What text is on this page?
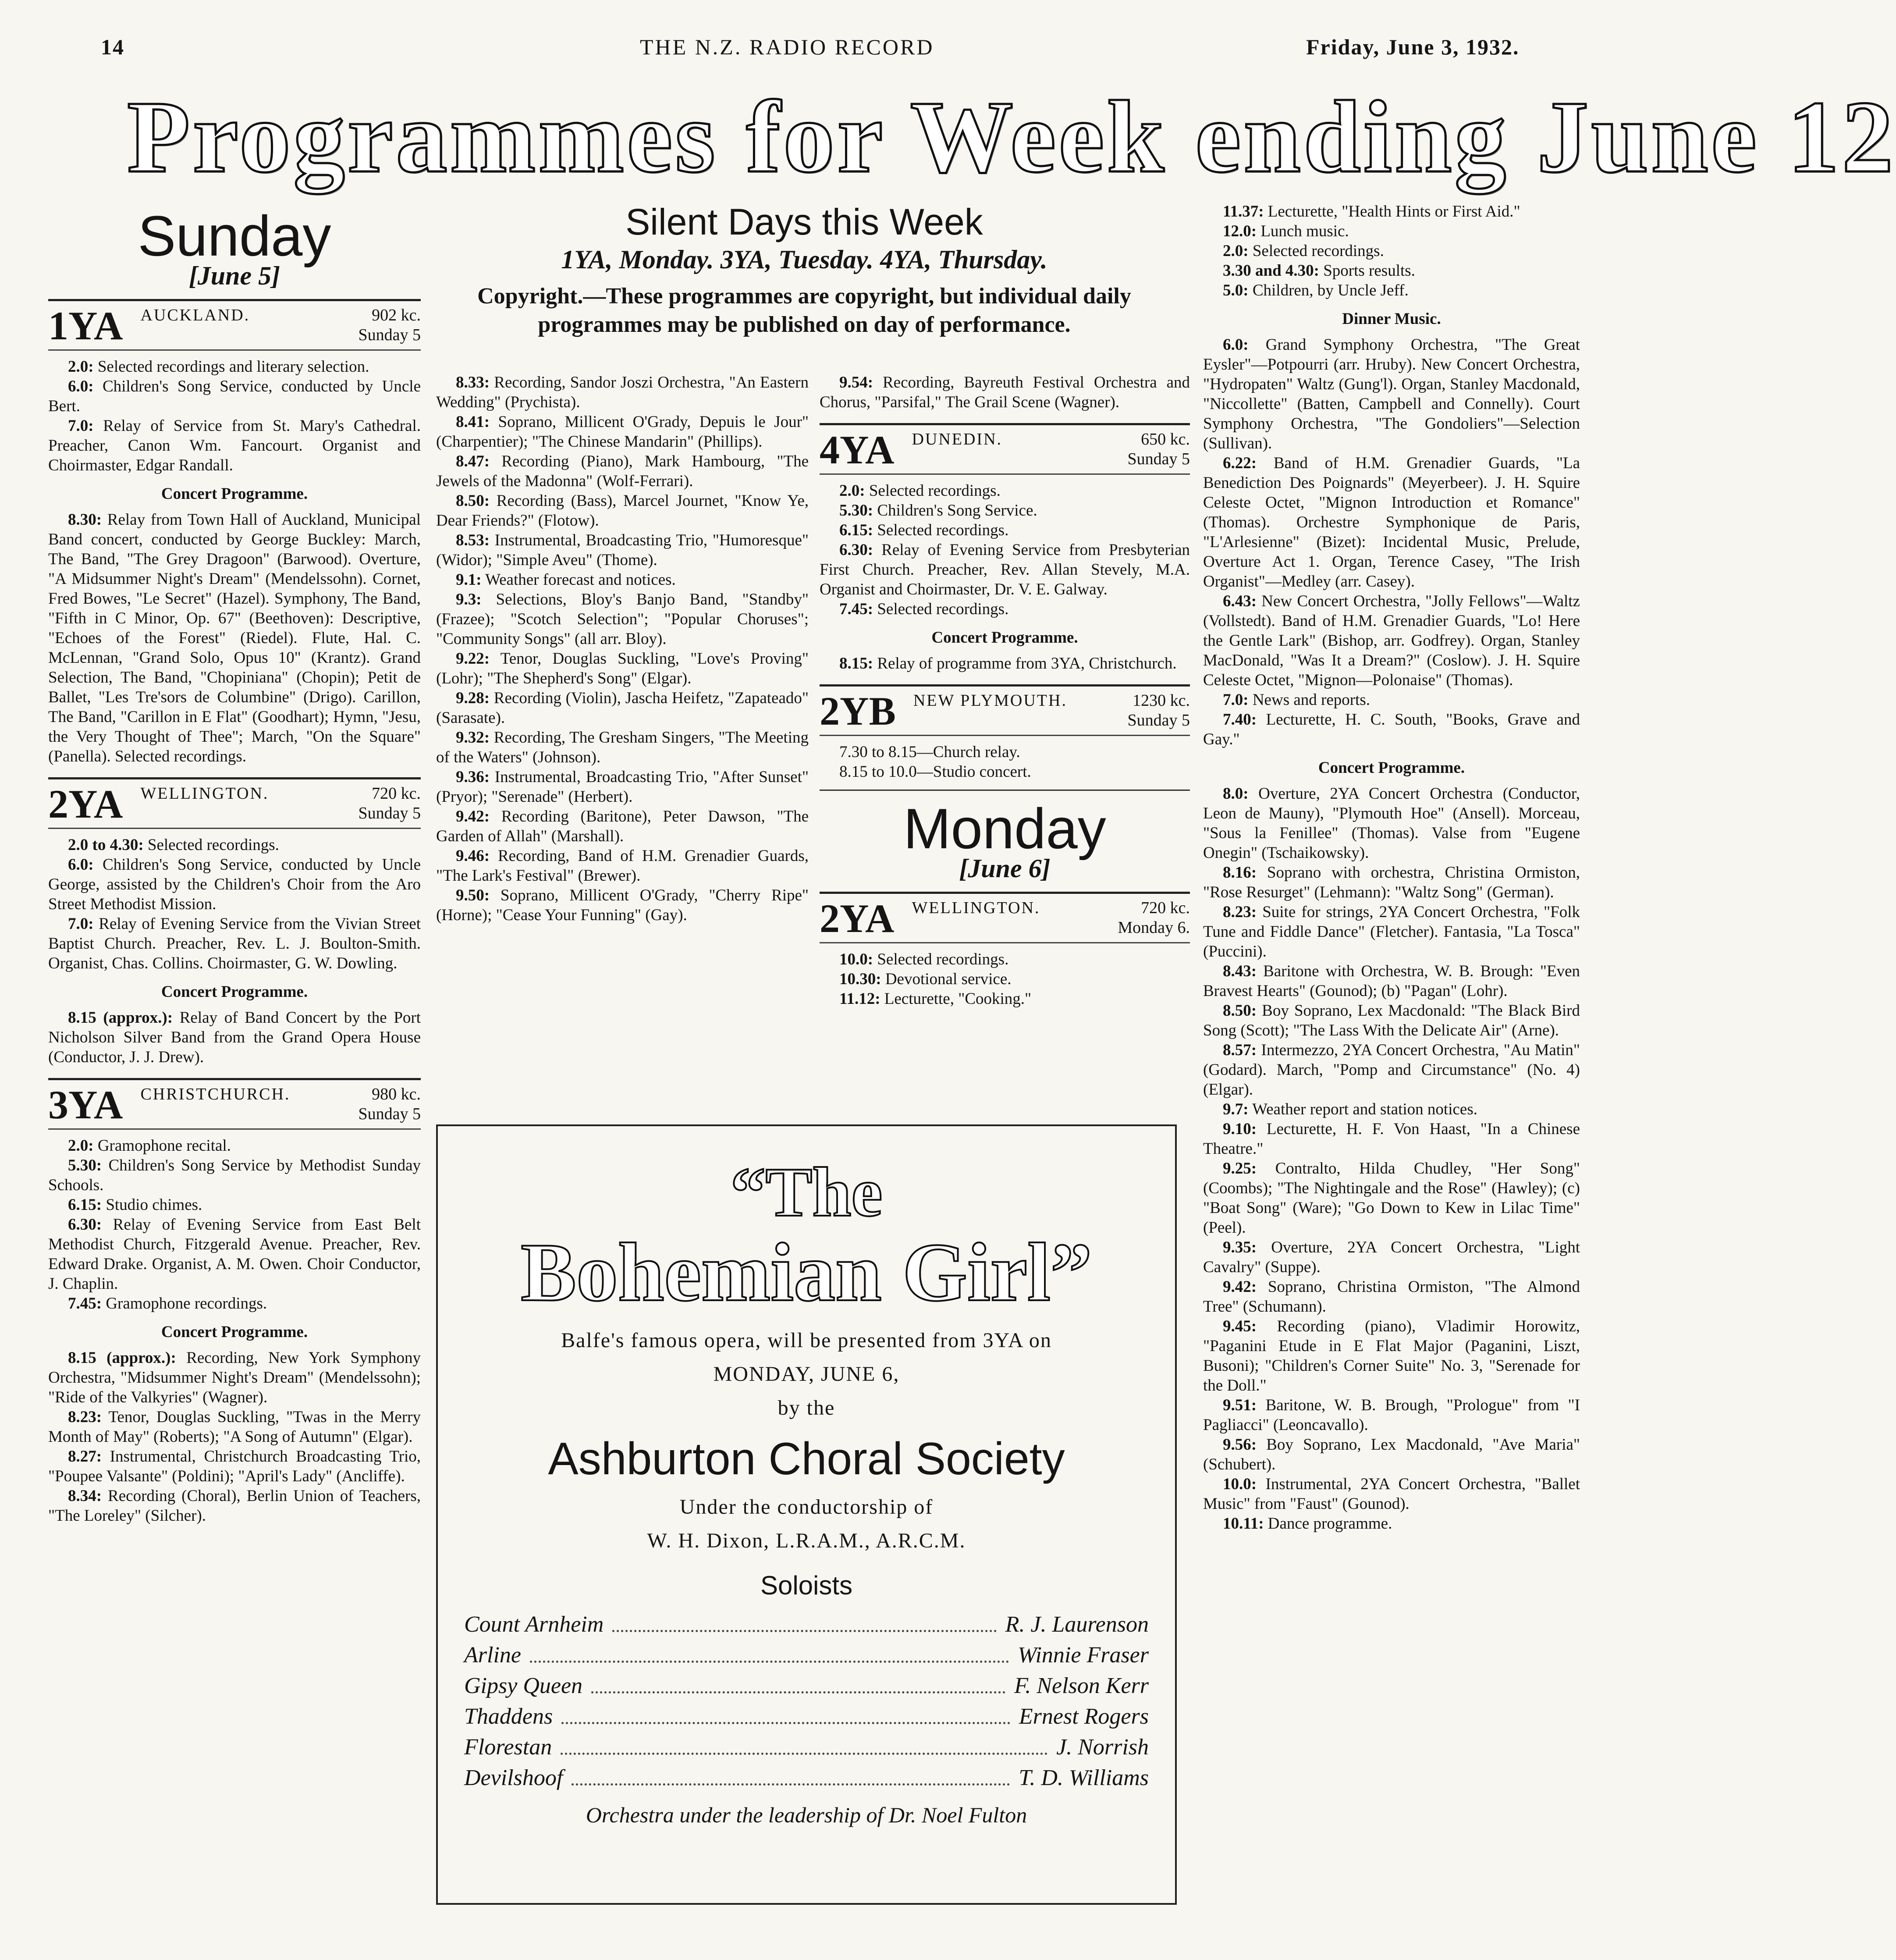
14	THE N.Z. RADIO RECORD	Friday, June 3, 1932.
Programmes for Week ending June 12
Silent Days this Week
1YA, Monday. 3YA, Tuesday. 4YA, Thursday.
Copyright.—These programmes are copyright, but individual daily programmes may be published on day of performance.
Sunday
[June 5]
1YA AUCKLAND.	902 kc.
Sunday 5

2.0: Selected recordings and literary selection.

6.0: Children's Song Service, conducted by Uncle Bert.

7.0: Relay of Service from St. Mary's Cathedral. Preacher, Canon Wm. Fancourt. Organist and Choirmaster, Edgar Randall.

Concert Programme.

8.30: Relay from Town Hall of Auckland, Municipal Band concert, conducted by George Buckley: March, The Band, "The Grey Dragoon" (Barwood). Overture, "A Midsummer Night's Dream" (Mendelssohn). Cornet, Fred Bowes, "Le Secret" (Hazel). Symphony, The Band, "Fifth in C Minor, Op. 67" (Beethoven): Descriptive, "Echoes of the Forest" (Riedel). Flute, Hal. C. McLennan, "Grand Solo, Opus 10" (Krantz). Grand Selection, The Band, "Chopiniana" (Chopin); Petit de Ballet, "Les Tre'sors de Columbine" (Drigo). Carillon, The Band, "Carillon in E Flat" (Goodhart); Hymn, "Jesu, the Very Thought of Thee"; March, "On the Square" (Panella). Selected recordings.

2YA WELLINGTON.	720 kc.
Sunday 5

2.0 to 4.30: Selected recordings.

6.0: Children's Song Service, conducted by Uncle George, assisted by the Children's Choir from the Aro Street Methodist Mission.

7.0: Relay of Evening Service from the Vivian Street Baptist Church. Preacher, Rev. L. J. Boulton-Smith. Organist, Chas. Collins. Choirmaster, G. W. Dowling.

Concert Programme.

8.15 (approx.): Relay of Band Concert by the Port Nicholson Silver Band from the Grand Opera House (Conductor, J. J. Drew).

3YA CHRISTCHURCH.	980 kc.
Sunday 5

2.0: Gramophone recital.

5.30: Children's Song Service by Methodist Sunday Schools.

6.15: Studio chimes.

6.30: Relay of Evening Service from East Belt Methodist Church, Fitzgerald Avenue. Preacher, Rev. Edward Drake. Organist, A. M. Owen. Choir Conductor, J. Chaplin.

7.45: Gramophone recordings.

Concert Programme.

8.15 (approx.): Recording, New York Symphony Orchestra, "Midsummer Night's Dream" (Mendelssohn); "Ride of the Valkyries" (Wagner).

8.23: Tenor, Douglas Suckling, "Twas in the Merry Month of May" (Roberts); "A Song of Autumn" (Elgar).

8.27: Instrumental, Christchurch Broadcasting Trio, "Poupee Valsante" (Poldini); "April's Lady" (Ancliffe).

8.34: Recording (Choral), Berlin Union of Teachers, "The Loreley" (Silcher).

8.33: Recording, Sandor Joszi Orchestra, "An Eastern Wedding" (Prychista).

8.41: Soprano, Millicent O'Grady, Depuis le Jour" (Charpentier); "The Chinese Mandarin" (Phillips).

8.47: Recording (Piano), Mark Hambourg, "The Jewels of the Madonna" (Wolf-Ferrari).

8.50: Recording (Bass), Marcel Journet, "Know Ye, Dear Friends?" (Flotow).

8.53: Instrumental, Broadcasting Trio, "Humoresque" (Widor); "Simple Aveu" (Thome).

9.1: Weather forecast and notices.

9.3: Selections, Bloy's Banjo Band, "Standby" (Frazee); "Scotch Selection"; "Popular Choruses"; "Community Songs" (all arr. Bloy).

9.22: Tenor, Douglas Suckling, "Love's Proving" (Lohr); "The Shepherd's Song" (Elgar).

9.28: Recording (Violin), Jascha Heifetz, "Zapateado" (Sarasate).

9.32: Recording, The Gresham Singers, "The Meeting of the Waters" (Johnson).

9.36: Instrumental, Broadcasting Trio, "After Sunset" (Pryor); "Serenade" (Herbert).

9.42: Recording (Baritone), Peter Dawson, "The Garden of Allah" (Marshall).

9.46: Recording, Band of H.M. Grenadier Guards, "The Lark's Festival" (Brewer).

9.50: Soprano, Millicent O'Grady, "Cherry Ripe" (Horne); "Cease Your Funning" (Gay).

9.54: Recording, Bayreuth Festival Orchestra and Chorus, "Parsifal," The Grail Scene (Wagner).

4YA DUNEDIN.	650 kc.
Sunday 5

2.0: Selected recordings.

5.30: Children's Song Service.

6.15: Selected recordings.

6.30: Relay of Evening Service from Presbyterian First Church. Preacher, Rev. Allan Stevely, M.A. Organist and Choirmaster, Dr. V. E. Galway.

7.45: Selected recordings.

Concert Programme.

8.15: Relay of programme from 3YA, Christchurch.

2YB NEW PLYMOUTH.	1230 kc.
Sunday 5

7.30 to 8.15—Church relay.

8.15 to 10.0—Studio concert.

Monday
[June 6]
2YA WELLINGTON.	720 kc.
Monday 6.

10.0: Selected recordings.

10.30: Devotional service.

11.12: Lecturette, "Cooking."

11.37: Lecturette, "Health Hints or First Aid."

12.0: Lunch music.

2.0: Selected recordings.

3.30 and 4.30: Sports results.

5.0: Children, by Uncle Jeff.

Dinner Music.

6.0: Grand Symphony Orchestra, "The Great Eysler"—Potpourri (arr. Hruby). New Concert Orchestra, "Hydropaten" Waltz (Gung'l). Organ, Stanley Macdonald, "Niccollette" (Batten, Campbell and Connelly). Court Symphony Orchestra, "The Gondoliers"—Selection (Sullivan).

6.22: Band of H.M. Grenadier Guards, "La Benediction Des Poignards" (Meyerbeer). J. H. Squire Celeste Octet, "Mignon Introduction et Romance" (Thomas). Orchestre Symphonique de Paris, "L'Arlesienne" (Bizet): Incidental Music, Prelude, Overture Act 1. Organ, Terence Casey, "The Irish Organist"—Medley (arr. Casey).

6.43: New Concert Orchestra, "Jolly Fellows"—Waltz (Vollstedt). Band of H.M. Grenadier Guards, "Lo! Here the Gentle Lark" (Bishop, arr. Godfrey). Organ, Stanley MacDonald, "Was It a Dream?" (Coslow). J. H. Squire Celeste Octet, "Mignon—Polonaise" (Thomas).

7.0: News and reports.

7.40: Lecturette, H. C. South, "Books, Grave and Gay."

Concert Programme.

8.0: Overture, 2YA Concert Orchestra (Conductor, Leon de Mauny), "Plymouth Hoe" (Ansell). Morceau, "Sous la Fenillee" (Thomas). Valse from "Eugene Onegin" (Tschaikowsky).

8.16: Soprano with orchestra, Christina Ormiston, "Rose Resurget" (Lehmann): "Waltz Song" (German).

8.23: Suite for strings, 2YA Concert Orchestra, "Folk Tune and Fiddle Dance" (Fletcher). Fantasia, "La Tosca" (Puccini).

8.43: Baritone with Orchestra, W. B. Brough: "Even Bravest Hearts" (Gounod); (b) "Pagan" (Lohr).

8.50: Boy Soprano, Lex Macdonald: "The Black Bird Song (Scott); "The Lass With the Delicate Air" (Arne).

8.57: Intermezzo, 2YA Concert Orchestra, "Au Matin" (Godard). March, "Pomp and Circumstance" (No. 4) (Elgar).

9.7: Weather report and station notices.

9.10: Lecturette, H. F. Von Haast, "In a Chinese Theatre."

9.25: Contralto, Hilda Chudley, "Her Song" (Coombs); "The Nightingale and the Rose" (Hawley); (c) "Boat Song" (Ware); "Go Down to Kew in Lilac Time" (Peel).

9.35: Overture, 2YA Concert Orchestra, "Light Cavalry" (Suppe).

9.42: Soprano, Christina Ormiston, "The Almond Tree" (Schumann).

9.45: Recording (piano), Vladimir Horowitz, "Paganini Etude in E Flat Major (Paganini, Liszt, Busoni); "Children's Corner Suite" No. 3, "Serenade for the Doll."

9.51: Baritone, W. B. Brough, "Prologue" from "I Pagliacci" (Leoncavallo).

9.56: Boy Soprano, Lex Macdonald, "Ave Maria" (Schubert).

10.0: Instrumental, 2YA Concert Orchestra, "Ballet Music" from "Faust" (Gounod).

10.11: Dance programme.

“The
Bohemian Girl”
Balfe's famous opera, will be presented from 3YA on
MONDAY, JUNE 6,
by the
Ashburton Choral Society
Under the conductorship of
W. H. Dixon, L.R.A.M., A.R.C.M.
Soloists
Count Arnheim	R. J. Laurenson
Arline	Winnie Fraser
Gipsy Queen	F. Nelson Kerr
Thaddens	Ernest Rogers
Florestan	J. Norrish
Devilshoof	T. D. Williams
Orchestra under the leadership of Dr. Noel Fulton
